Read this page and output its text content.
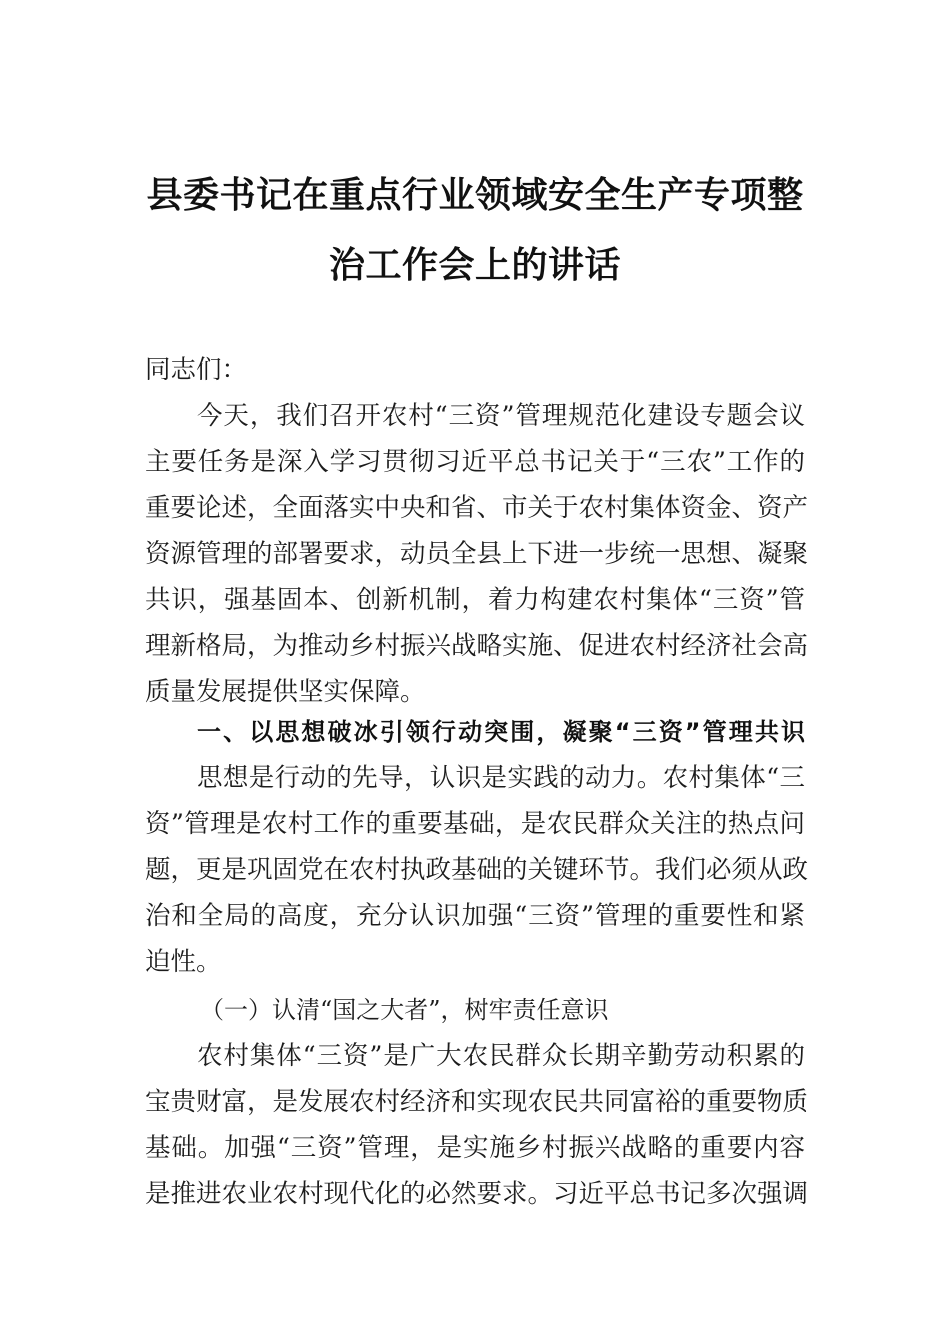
县委书记在重点行业领域安全生产专项整
治工作会上的讲话
同志们：
今天，我们召开农村“三资”管理规范化建设专题会议
主要任务是深入学习贯彻习近平总书记关于“三农”工作的
重要论述，全面落实中央和省、市关于农村集体资金、资产
资源管理的部署要求，动员全县上下进一步统一思想、凝聚
共识，强基固本、创新机制，着力构建农村集体“三资”管
理新格局，为推动乡村振兴战略实施、促进农村经济社会高
质量发展提供坚实保障。
一、以思想破冰引领行动突围，凝聚“三资”管理共识
思想是行动的先导，认识是实践的动力。农村集体“三
资”管理是农村工作的重要基础，是农民群众关注的热点问
题，更是巩固党在农村执政基础的关键环节。我们必须从政
治和全局的高度，充分认识加强“三资”管理的重要性和紧
迫性。
（一）认清“国之大者”，树牢责任意识
农村集体“三资”是广大农民群众长期辛勤劳动积累的
宝贵财富，是发展农村经济和实现农民共同富裕的重要物质
基础。加强“三资”管理，是实施乡村振兴战略的重要内容
是推进农业农村现代化的必然要求。习近平总书记多次强调
